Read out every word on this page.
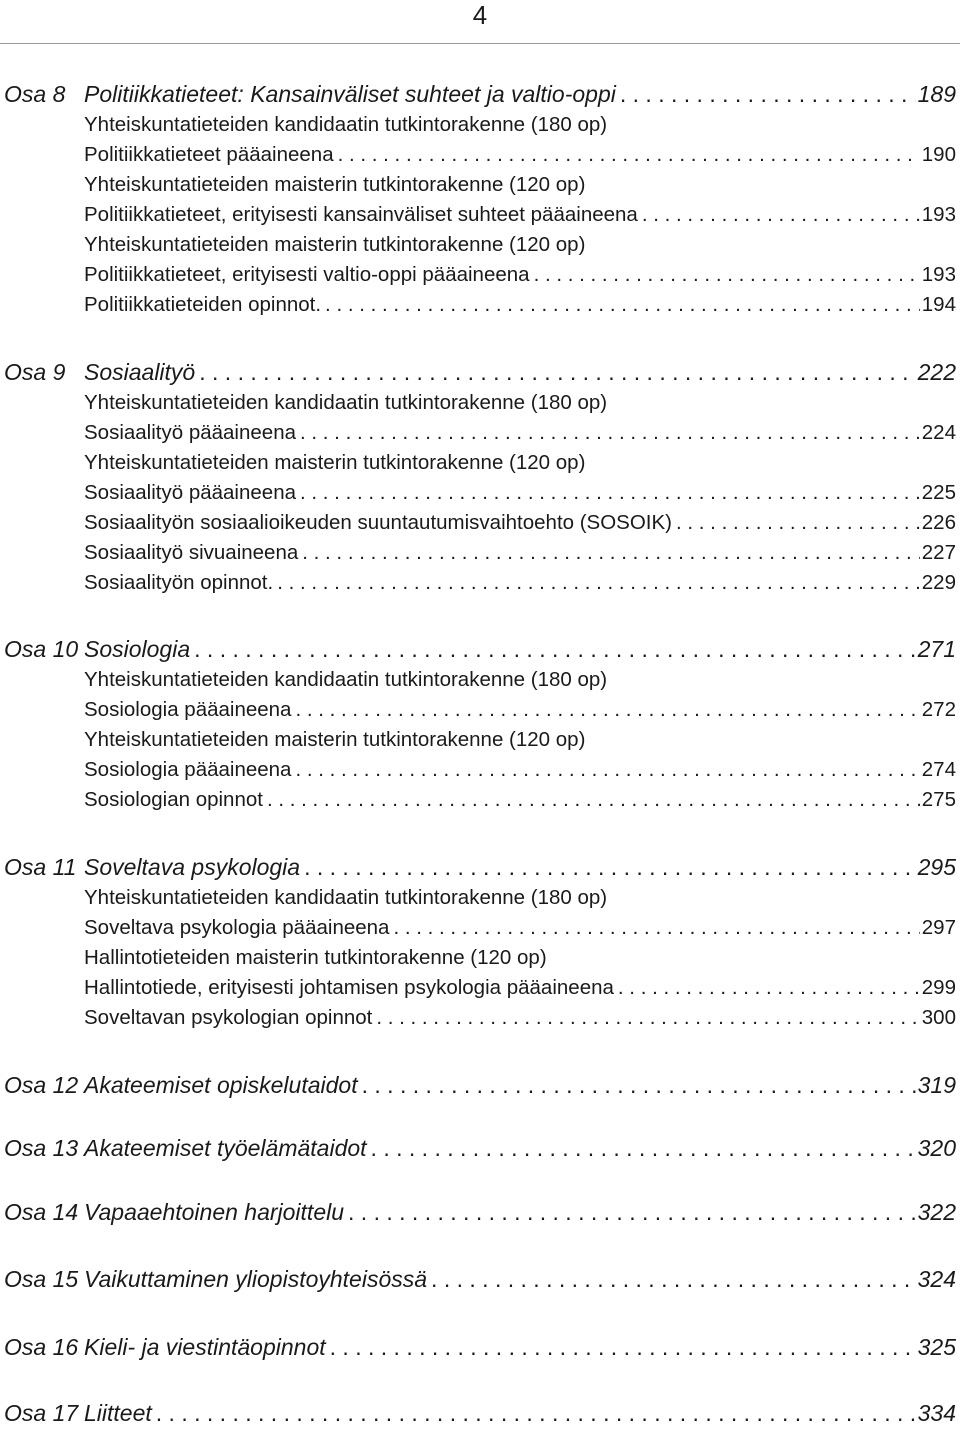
4
Osa 8 Politiikkatieteet: Kansainväliset suhteet ja valtio-oppi . . .	189
Yhteiskuntatieteiden kandidaatin tutkintorakenne (180 op)
Politiikkatieteet pääaineena . . .	190
Yhteiskuntatieteiden maisterin tutkintorakenne (120 op)
Politiikkatieteet, erityisesti kansainväliset suhteet pääaineena . . .	193
Yhteiskuntatieteiden maisterin tutkintorakenne (120 op)
Politiikkatieteet, erityisesti valtio-oppi pääaineena . . .	193
Politiikkatieteiden opinnot. . . .	194
Osa 9 Sosiaalityö . . .	222
Yhteiskuntatieteiden kandidaatin tutkintorakenne (180 op)
Sosiaalityö pääaineena . . .	224
Yhteiskuntatieteiden maisterin tutkintorakenne (120 op)
Sosiaalityö pääaineena . . .	225
Sosiaalityön sosiaalioikeuden suuntautumisvaihtoehto (SOSOIK) . . .	226
Sosiaalityö sivuaineena . . .	227
Sosiaalityön opinnot. . . .	229
Osa 10 Sosiologia . . .	271
Yhteiskuntatieteiden kandidaatin tutkintorakenne (180 op)
Sosiologia pääaineena . . .	272
Yhteiskuntatieteiden maisterin tutkintorakenne (120 op)
Sosiologia pääaineena . . .	274
Sosiologian opinnot . . .	275
Osa 11 Soveltava psykologia . . .	295
Yhteiskuntatieteiden kandidaatin tutkintorakenne (180 op)
Soveltava psykologia pääaineena . . .	297
Hallintotieteiden maisterin tutkintorakenne (120 op)
Hallintotiede, erityisesti johtamisen psykologia pääaineena . . .	299
Soveltavan psykologian opinnot . . .	300
Osa 12 Akateemiset opiskelutaidot . . .	319
Osa 13 Akateemiset työelämätaidot . . .	320
Osa 14 Vapaaehtoinen harjoittelu . . .	322
Osa 15 Vaikuttaminen yliopistoyhteisössä . . .	324
Osa 16 Kieli- ja viestintäopinnot . . .	325
Osa 17 Liitteet . . .	334
